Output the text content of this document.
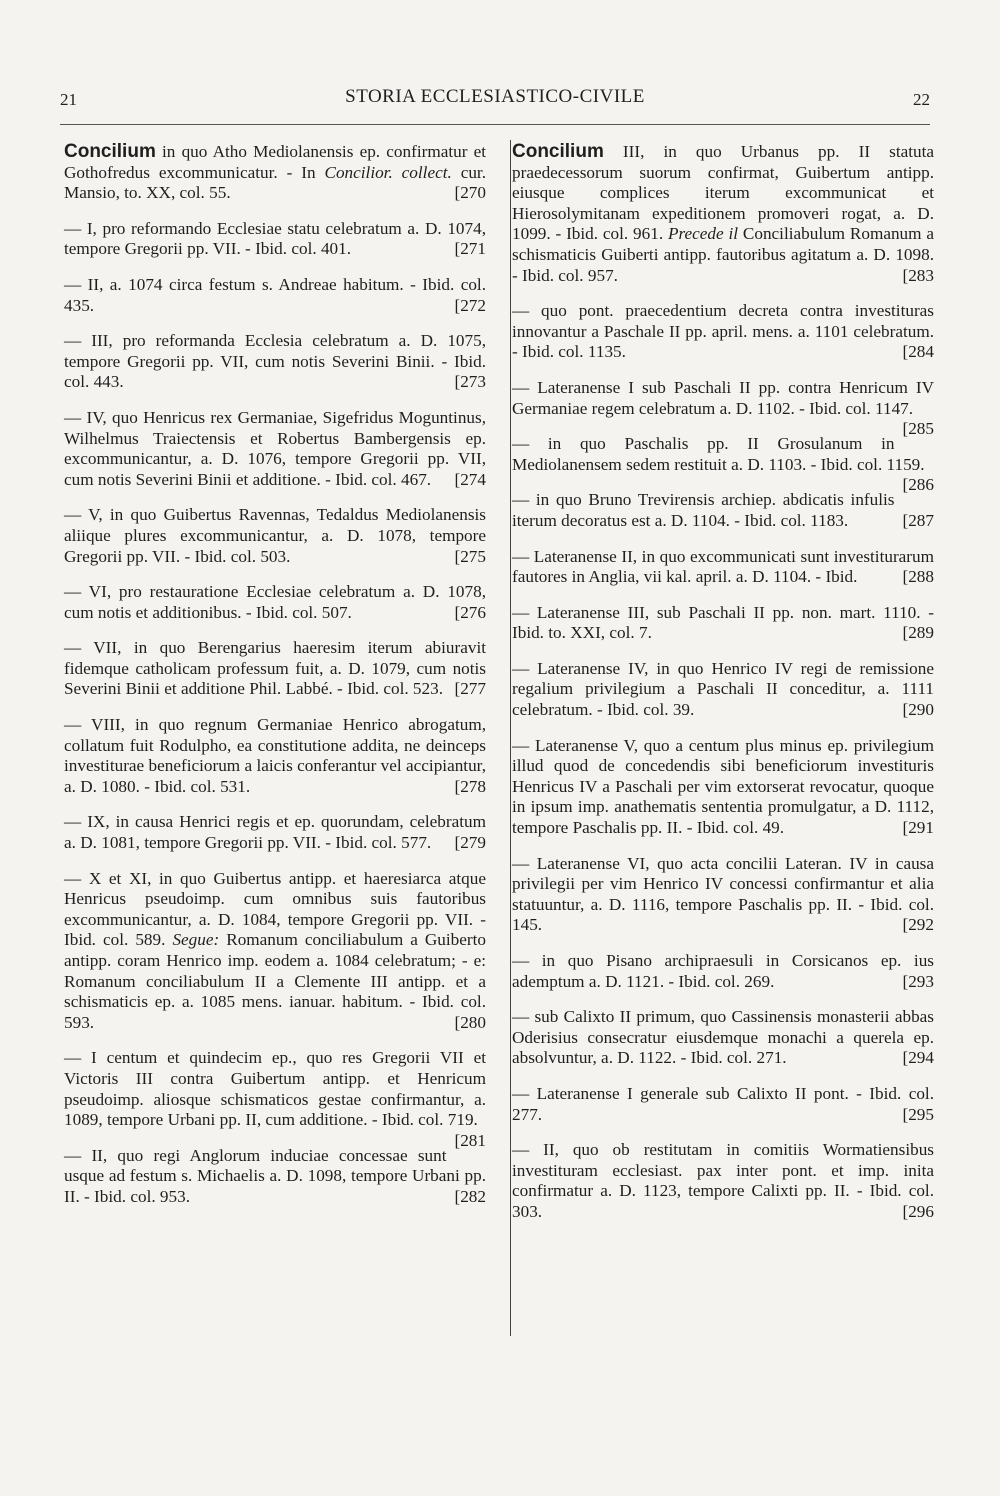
21	STORIA ECCLESIASTICO-CIVILE	22

Concilium in quo Atho Mediolanensis ep. confirmatur et Gothofredus excommunicatur. - In Concilior. collect. cur. Mansio, to. XX, col. 55.	[270

— I, pro reformando Ecclesiae statu celebratum a. D. 1074, tempore Gregorii pp. VII. - Ibid. col. 401.	[271

— II, a. 1074 circa festum s. Andreae habitum. - Ibid. col. 435.	[272

— III, pro reformanda Ecclesia celebratum a. D. 1075, tempore Gregorii pp. VII, cum notis Severini Binii. - Ibid. col. 443.	[273

— IV, quo Henricus rex Germaniae, Sigefridus Moguntinus, Wilhelmus Traiectensis et Robertus Bambergensis ep. excommunicantur, a. D. 1076, tempore Gregorii pp. VII, cum notis Severini Binii et additione. - Ibid. col. 467. [274

— V, in quo Guibertus Ravennas, Tedaldus Mediolanensis aliique plures excommunicantur, a. D. 1078, tempore Gregorii pp. VII. - Ibid. col. 503.	[275

— VI, pro restauratione Ecclesiae celebratum a. D. 1078, cum notis et additionibus. - Ibid. col. 507.	[276

— VII, in quo Berengarius haeresim iterum abiuravit fidemque catholicam professum fuit, a. D. 1079, cum notis Severini Binii et additione Phil. Labbé. - Ibid. col. 523. [277

— VIII, in quo regnum Germaniae Henrico abrogatum, collatum fuit Rodulpho, ea constitutione addita, ne deinceps investiturae beneficiorum a laicis conferantur vel accipiantur, a. D. 1080. - Ibid. col. 531.	[278

— IX, in causa Henrici regis et ep. quorundam, celebratum a. D. 1081, tempore Gregorii pp. VII. - Ibid. col. 577. [279

— X et XI, in quo Guibertus antipp. et haeresiarca atque Henricus pseudoimp. cum omnibus suis fautoribus excommunicantur, a. D. 1084, tempore Gregorii pp. VII. - Ibid. col. 589. Segue: Romanum conciliabulum a Guiberto antipp. coram Henrico imp. eodem a. 1084 celebratum; - e: Romanum conciliabulum II a Clemente III antipp. et a schismaticis ep. a. 1085 mens. ianuar. habitum. - Ibid. col. 593.	[280

— I centum et quindecim ep., quo res Gregorii VII et Victoris III contra Guibertum antipp. et Henricum pseudoimp. aliosque schismaticos gestae confirmantur, a. 1089, tempore Urbani pp. II, cum additione. - Ibid. col. 719.
[281

— II, quo regi Anglorum induciae concessae sunt usque ad festum s. Michaelis a. D. 1098, tempore Urbani pp. II. - Ibid. col. 953.	[282

Concilium III, in quo Urbanus pp. II statuta praedecessorum suorum confirmat, Guibertum antipp. eiusque complices iterum excommunicat et Hierosolymitanam expeditionem promoveri rogat, a. D. 1099. - Ibid. col. 961. Precede il Conciliabulum Romanum a schismaticis Guiberti antipp. fautoribus agitatum a. D. 1098. - Ibid. col. 957.	[283

— quo pont. praecedentium decreta contra investituras innovantur a Paschale II pp. april. mens. a. 1101 celebratum. - Ibid. col. 1135.	[284

— Lateranense I sub Paschali II pp. contra Henricum IV Germaniae regem celebratum a. D. 1102. - Ibid. col. 1147.
[285

— in quo Paschalis pp. II Grosulanum in Mediolanensem sedem restituit a. D. 1103. - Ibid. col. 1159.
[286

— in quo Bruno Trevirensis archiep. abdicatis infulis iterum decoratus est a. D. 1104. - Ibid. col. 1183.	[287

— Lateranense II, in quo excommunicati sunt investiturarum fautores in Anglia, vii kal. april. a. D. 1104. - Ibid.	[288

— Lateranense III, sub Paschali II pp. non. mart. 1110. - Ibid. to. XXI, col. 7.	[289

— Lateranense IV, in quo Henrico IV regi de remissione regalium privilegium a Paschali II conceditur, a. 1111 celebratum. - Ibid. col. 39.	[290

— Lateranense V, quo a centum plus minus ep. privilegium illud quod de concedendis sibi beneficiorum investituris Henricus IV a Paschali per vim extorserat revocatur, quoque in ipsum imp. anathematis sententia promulgatur, a D. 1112, tempore Paschalis pp. II. - Ibid. col. 49.	[291

— Lateranense VI, quo acta concilii Lateran. IV in causa privilegii per vim Henrico IV concessi confirmantur et alia statuuntur, a. D. 1116, tempore Paschalis pp. II. - Ibid. col. 145.	[292

— in quo Pisano archipraesuli in Corsicanos ep. ius ademptum a. D. 1121. - Ibid. col. 269.	[293

— sub Calixto II primum, quo Cassinensis monasterii abbas Oderisius consecratur eiusdemque monachi a querela ep. absolvuntur, a. D. 1122. - Ibid. col. 271.	[294

— Lateranense I generale sub Calixto II pont. - Ibid. col. 277.	[295

— II, quo ob restitutam in comitiis Wormatiensibus investituram ecclesiast. pax inter pont. et imp. inita confirmatur a. D. 1123, tempore Calixti pp. II. - Ibid. col. 303.	[296
